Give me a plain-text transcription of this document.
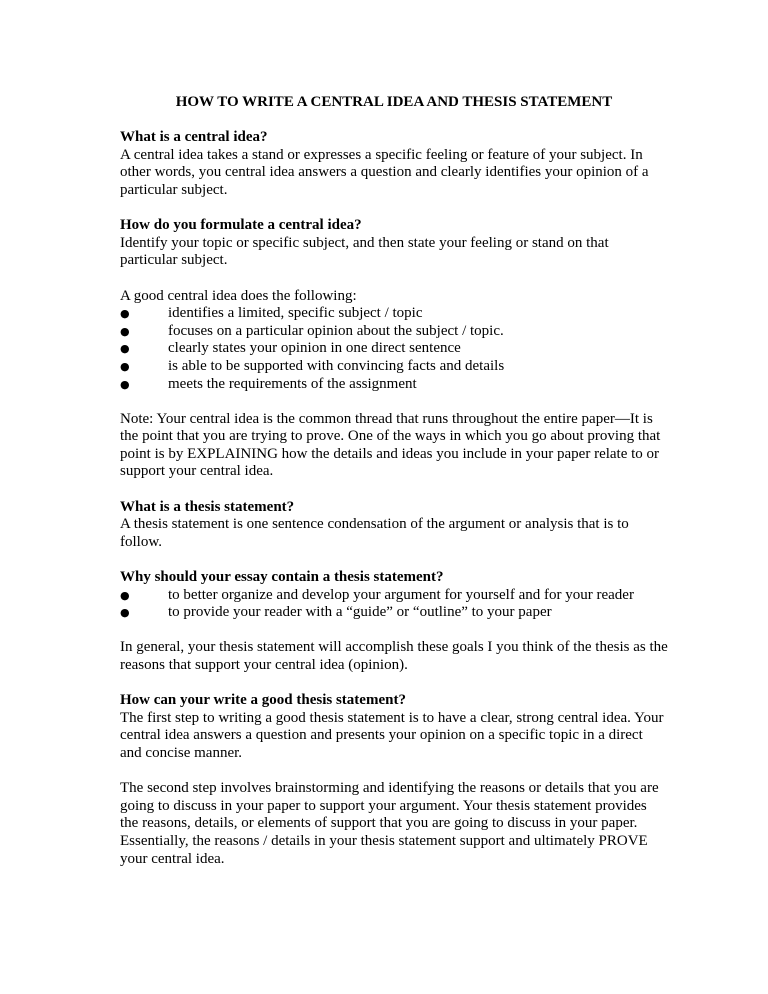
HOW TO WRITE A CENTRAL IDEA AND THESIS STATEMENT
What is a central idea?

A central idea takes a stand or expresses a specific feeling or feature of your subject. In other words, you central idea answers a question and clearly identifies your opinion of a particular subject.

How do you formulate a central idea?

Identify your topic or specific subject, and then state your feeling or stand on that particular subject.

A good central idea does the following:

●	identifies a limited, specific subject / topic
●	focuses on a particular opinion about the subject / topic.
●	clearly states your opinion in one direct sentence
●	is able to be supported with convincing facts and details
●	meets the requirements of the assignment

Note: Your central idea is the common thread that runs throughout the entire paper—It is the point that you are trying to prove. One of the ways in which you go about proving that point is by EXPLAINING how the details and ideas you include in your paper relate to or support your central idea.

What is a thesis statement?

A thesis statement is one sentence condensation of the argument or analysis that is to follow.

Why should your essay contain a thesis statement?
●	to better organize and develop your argument for yourself and for your reader
●	to provide your reader with a “guide” or “outline” to your paper

In general, your thesis statement will accomplish these goals I you think of the thesis as the reasons that support your central idea (opinion).

How can your write a good thesis statement?

The first step to writing a good thesis statement is to have a clear, strong central idea. Your central idea answers a question and presents your opinion on a specific topic in a direct and concise manner.

The second step involves brainstorming and identifying the reasons or details that you are going to discuss in your paper to support your argument. Your thesis statement provides the reasons, details, or elements of support that you are going to discuss in your paper. Essentially, the reasons / details in your thesis statement support and ultimately PROVE your central idea.
